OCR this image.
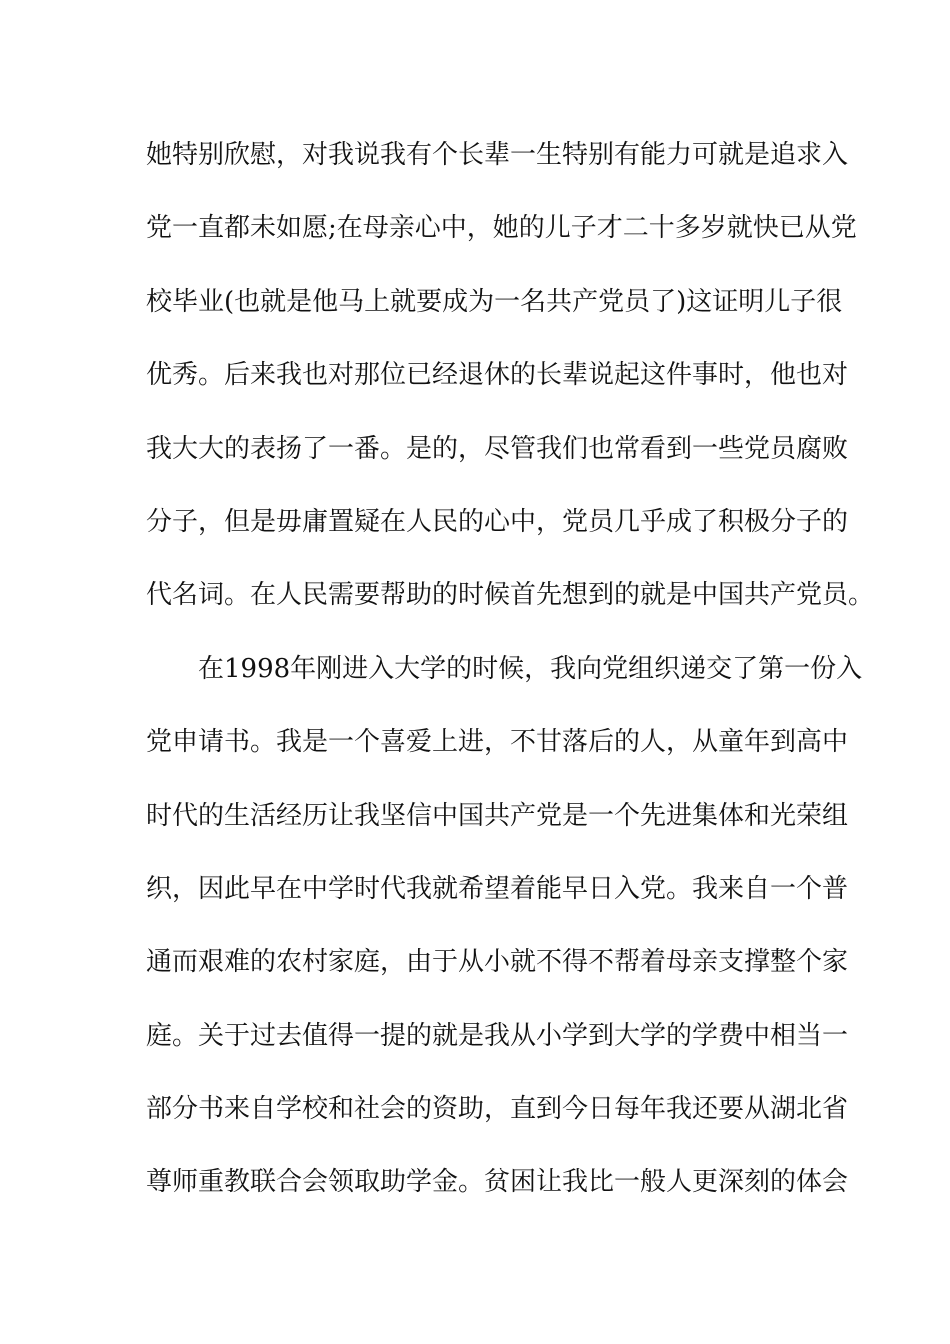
她特别欣慰，对我说我有个长辈一生特别有能力可就是追求入
党一直都未如愿;在母亲心中，她的儿子才二十多岁就快已从党
校毕业(也就是他马上就要成为一名共产党员了)这证明儿子很
优秀。后来我也对那位已经退休的长辈说起这件事时，他也对
我大大的表扬了一番。是的，尽管我们也常看到一些党员腐败
分子，但是毋庸置疑在人民的心中，党员几乎成了积极分子的
代名词。在人民需要帮助的时候首先想到的就是中国共产党员。
在1998年刚进入大学的时候，我向党组织递交了第一份入
党申请书。我是一个喜爱上进，不甘落后的人，从童年到高中
时代的生活经历让我坚信中国共产党是一个先进集体和光荣组
织，因此早在中学时代我就希望着能早日入党。我来自一个普
通而艰难的农村家庭，由于从小就不得不帮着母亲支撑整个家
庭。关于过去值得一提的就是我从小学到大学的学费中相当一
部分书来自学校和社会的资助，直到今日每年我还要从湖北省
尊师重教联合会领取助学金。贫困让我比一般人更深刻的体会
